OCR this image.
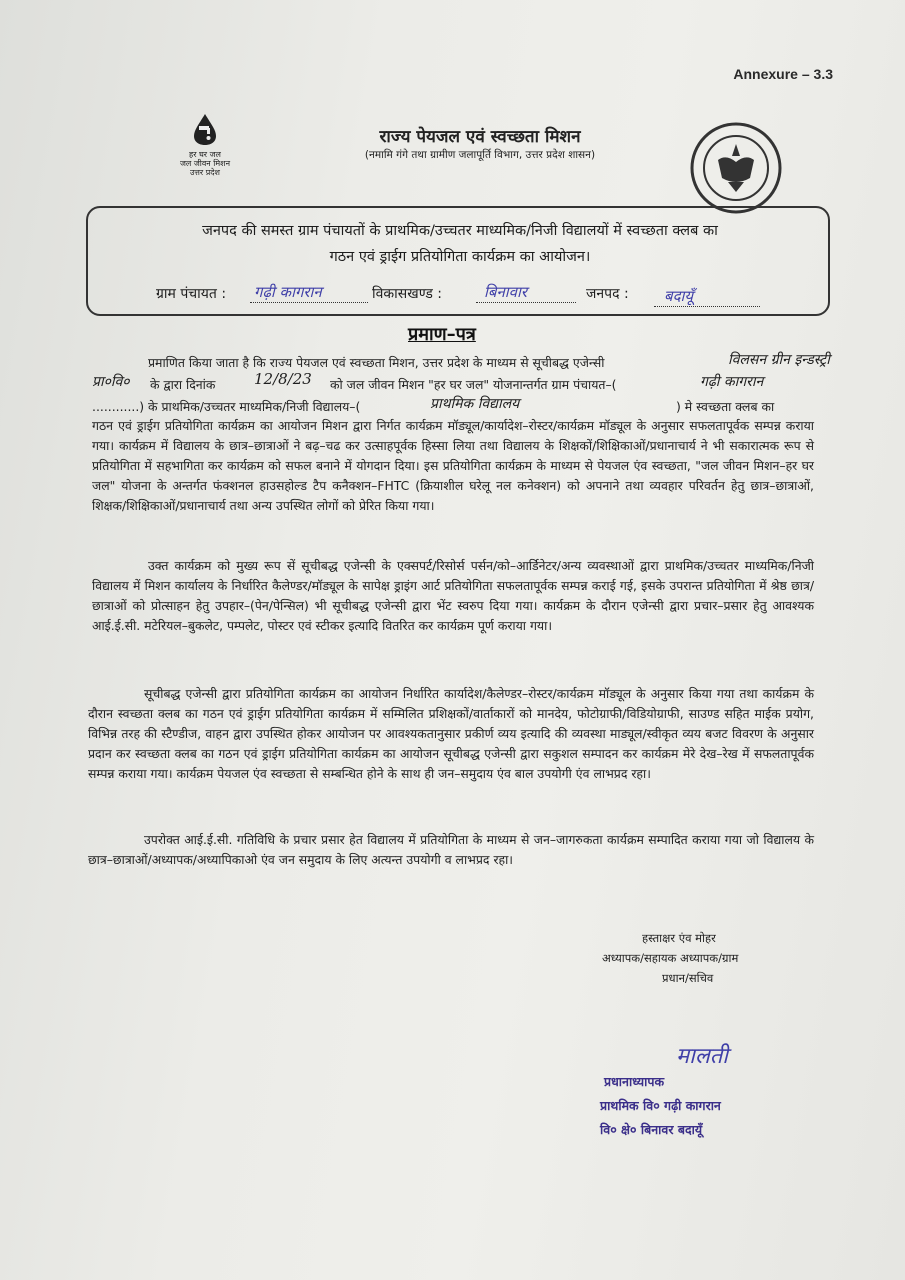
Annexure – 3.3
हर घर जल
जल जीवन मिशन
उत्तर प्रदेश
राज्य पेयजल एवं स्वच्छता मिशन
(नमामि गंगे तथा ग्रामीण जलापूर्ति विभाग, उत्तर प्रदेश शासन)
जनपद की समस्त ग्राम पंचायतों के प्राथमिक/उच्चतर माध्यमिक/निजी विद्यालयों में स्वच्छता क्लब का
गठन एवं ड्राईग प्रतियोगिता कार्यक्रम का आयोजन।
ग्राम पंचायत : गढ़ी कागरान	विकासखण्ड :	बिनावार	जनपद : बदायूँ
प्रमाण–पत्र
प्रमाणित किया जाता है कि राज्य पेयजल एवं स्वच्छता मिशन, उत्तर प्रदेश के माध्यम से सूचीबद्ध एजेन्सी	विलसन ग्रीन इन्डस्ट्री
प्रा०वि० के द्वारा दिनांक	12/8/23 को जल जीवन मिशन "हर घर जल" योजनान्तर्गत ग्राम पंचायत–(	गढ़ी कागरान
............) के प्राथमिक/उच्चतर माध्यमिक/निजी विद्यालय–(	प्राथमिक विद्यालय	) मे स्वच्छता क्लब का
गठन एवं ड्राईग प्रतियोगिता कार्यक्रम का आयोजन मिशन द्वारा निर्गत कार्यक्रम मॉड्यूल/कार्यादेश–रोस्टर/कार्यक्रम मॉड्यूल के अनुसार सफलतापूर्वक सम्पन्न कराया गया। कार्यक्रम में विद्यालय के छात्र–छात्राओं ने बढ़–चढ कर उत्साहपूर्वक हिस्सा लिया तथा विद्यालय के शिक्षकों/शिक्षिकाओं/प्रधानाचार्य ने भी सकारात्मक रूप से प्रतियोगिता में सहभागिता कर कार्यक्रम को सफल बनाने में योगदान दिया। इस प्रतियोगिता कार्यक्रम के माध्यम से पेयजल एंव स्वच्छता, "जल जीवन मिशन–हर घर जल" योजना के अन्तर्गत फंक्शनल हाउसहोल्ड टैप कनैक्शन–FHTC (क्रियाशील घरेलू नल कनेक्शन) को अपनाने तथा व्यवहार परिवर्तन हेतु छात्र–छात्राओं, शिक्षक/शिक्षिकाओं/प्रधानाचार्य तथा अन्य उपस्थित लोगों को प्रेरित किया गया।
उक्त कार्यक्रम को मुख्य रूप सें सूचीबद्ध एजेन्सी के एक्सपर्ट/रिसोर्स पर्सन/को–आर्डिनेटर/अन्य व्यवस्थाओं द्वारा प्राथमिक/उच्चतर माध्यमिक/निजी विद्यालय में मिशन कार्यालय के निर्धारित कैलेण्डर/मॉड्यूल के सापेक्ष ड्राइंग आर्ट प्रतियोगिता सफलतापूर्वक सम्पन्न कराई गई, इसके उपरान्त प्रतियोगिता में श्रेष्ठ छात्र/छात्राओं को प्रोत्साहन हेतु उपहार–(पेन/पेन्सिल) भी सूचीबद्ध एजेन्सी द्वारा भेंट स्वरुप दिया गया। कार्यक्रम के दौरान एजेन्सी द्वारा प्रचार–प्रसार हेतु आवश्यक आई.ई.सी. मटेरियल–बुकलेट, पम्पलेट, पोस्टर एवं स्टीकर इत्यादि वितरित कर कार्यक्रम पूर्ण कराया गया।
सूचीबद्ध एजेन्सी द्वारा प्रतियोगिता कार्यक्रम का आयोजन निर्धारित कार्यादेश/कैलेण्डर–रोस्टर/कार्यक्रम मॉड्यूल के अनुसार किया गया तथा कार्यक्रम के दौरान स्वच्छता क्लब का गठन एवं ड्राईग प्रतियोगिता कार्यक्रम में सम्मिलित प्रशिक्षकों/वार्ताकारों को मानदेय, फोटोग्राफी/विडियोग्राफी, साउण्ड सहित माईक प्रयोग, विभिन्न तरह की स्टैण्डीज, वाहन द्वारा उपस्थित होकर आयोजन पर आवश्यकतानुसार प्रकीर्ण व्यय इत्यादि की व्यवस्था माड्यूल/स्वीकृत व्यय बजट विवरण के अनुसार प्रदान कर स्वच्छता क्लब का गठन एवं ड्राईग प्रतियोगिता कार्यक्रम का आयोजन सूचीबद्ध एजेन्सी द्वारा सकुशल सम्पादन कर कार्यक्रम मेरे देख–रेख में सफलतापूर्वक सम्पन्न कराया गया। कार्यक्रम पेयजल एंव स्वच्छता से सम्बन्धित होने के साथ ही जन–समुदाय एंव बाल उपयोगी एंव लाभप्रद रहा।
उपरोक्त आई.ई.सी. गतिविधि के प्रचार प्रसार हेत विद्यालय में प्रतियोगिता के माध्यम से जन–जागरुकता कार्यक्रम सम्पादित कराया गया जो विद्यालय के छात्र–छात्राओं/अध्यापक/अध्यापिकाओ एंव जन समुदाय के लिए अत्यन्त उपयोगी व लाभप्रद रहा।
हस्ताक्षर एंव मोहर
अध्यापक/सहायक अध्यापक/ग्राम
प्रधान/सचिव
मालती
प्रधानाध्यापक
प्राथमिक वि० गढ़ी कागरान
वि० क्षे० बिनावर बदायूँ
